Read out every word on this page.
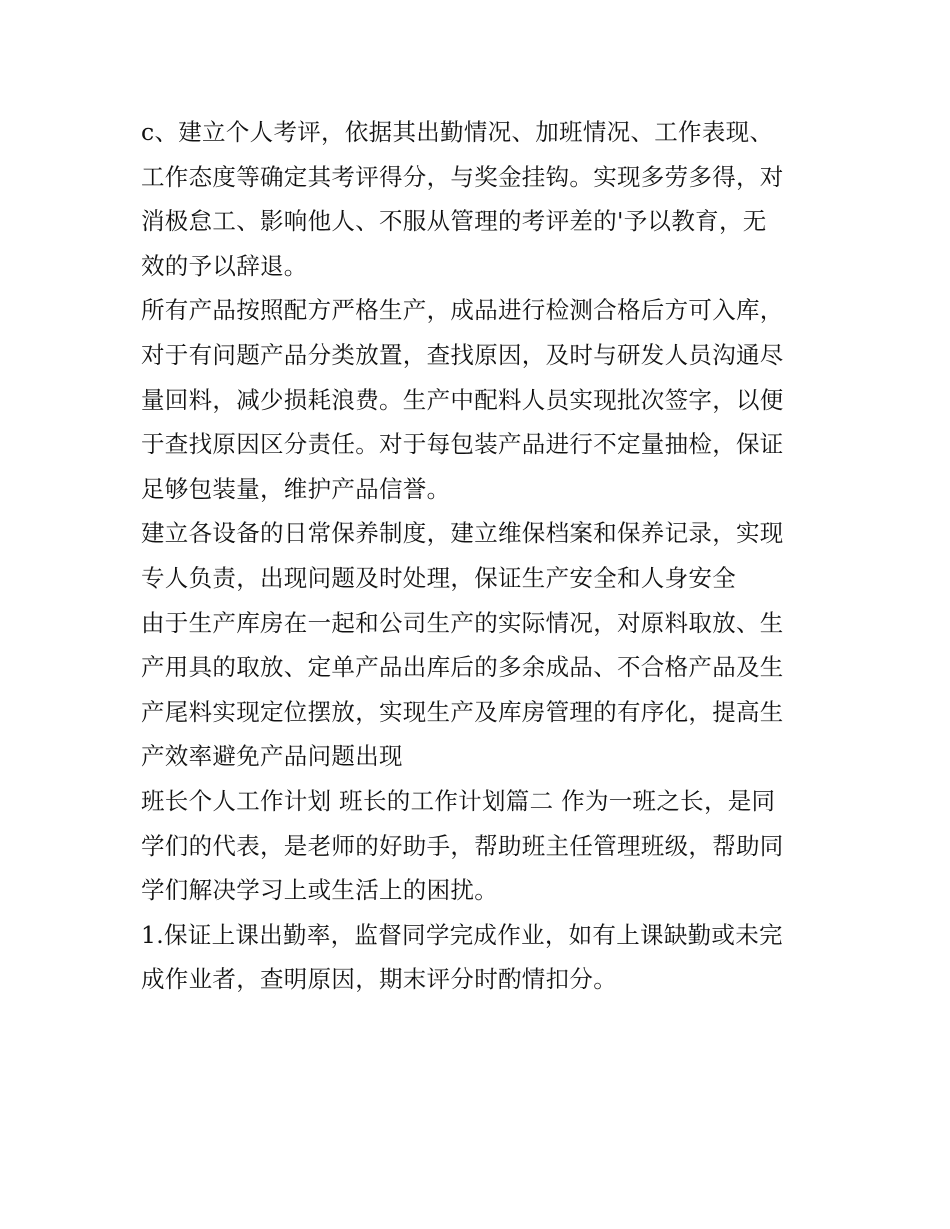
c、建立个人考评，依据其出勤情况、加班情况、工作表现、
工作态度等确定其考评得分，与奖金挂钩。实现多劳多得，对
消极怠工、影响他人、不服从管理的考评差的'予以教育，无
效的予以辞退。

所有产品按照配方严格生产，成品进行检测合格后方可入库，
对于有问题产品分类放置，查找原因，及时与研发人员沟通尽
量回料，减少损耗浪费。生产中配料人员实现批次签字，以便
于查找原因区分责任。对于每包装产品进行不定量抽检，保证
足够包装量，维护产品信誉。

建立各设备的日常保养制度，建立维保档案和保养记录，实现
专人负责，出现问题及时处理，保证生产安全和人身安全

由于生产库房在一起和公司生产的实际情况，对原料取放、生
产用具的取放、定单产品出库后的多余成品、不合格产品及生
产尾料实现定位摆放，实现生产及库房管理的有序化，提高生
产效率避免产品问题出现

班长个人工作计划 班长的工作计划篇二 作为一班之长，是同
学们的代表，是老师的好助手，帮助班主任管理班级，帮助同
学们解决学习上或生活上的困扰。

1.保证上课出勤率，监督同学完成作业，如有上课缺勤或未完
成作业者，查明原因，期末评分时酌情扣分。
